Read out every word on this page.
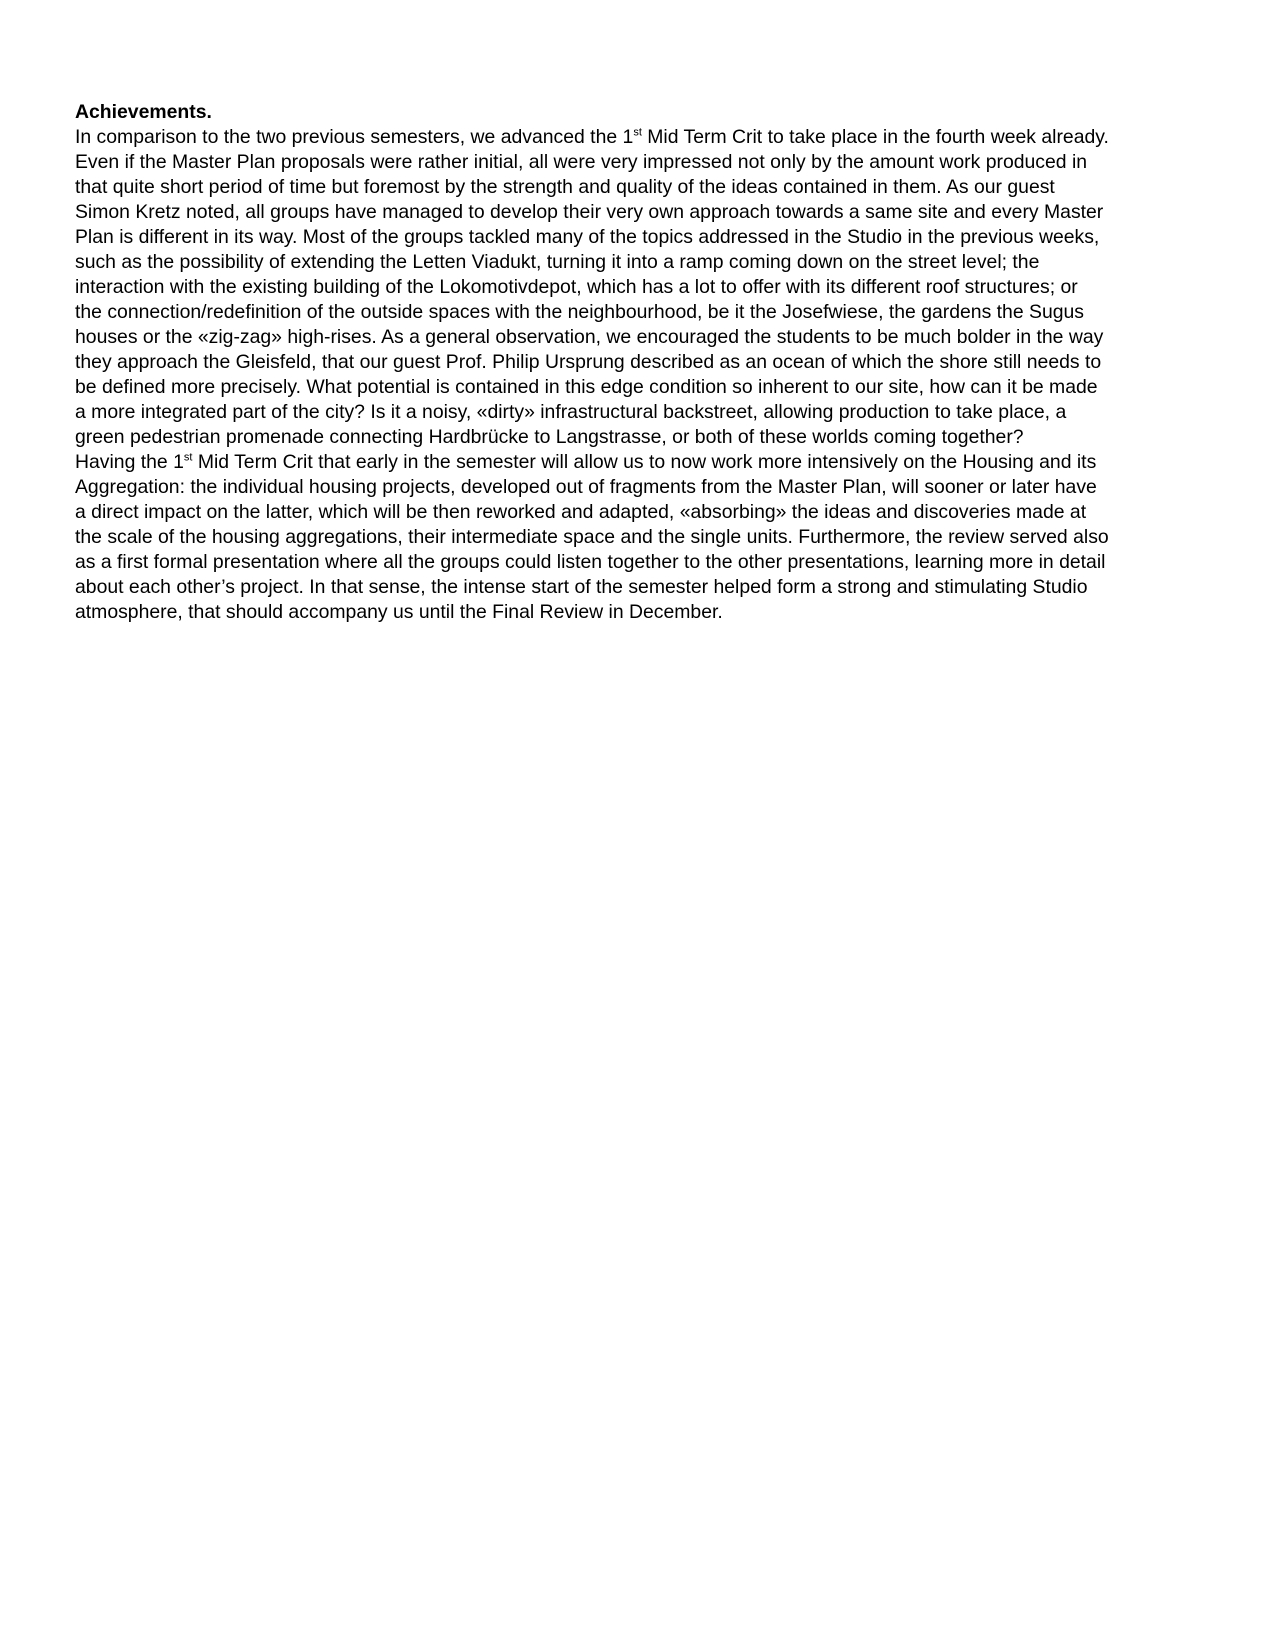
Achievements.
In comparison to the two previous semesters, we advanced the 1st Mid Term Crit to take place in the fourth week already.
Even if the Master Plan proposals were rather initial, all were very impressed not only by the amount work produced in
that quite short period of time but foremost by the strength and quality of the ideas contained in them. As our guest
Simon Kretz noted, all groups have managed to develop their very own approach towards a same site and every Master
Plan is different in its way. Most of the groups tackled many of the topics addressed in the Studio in the previous weeks,
such as the possibility of extending the Letten Viadukt, turning it into a ramp coming down on the street level; the
interaction with the existing building of the Lokomotivdepot, which has a lot to offer with its different roof structures; or
the connection/redefinition of the outside spaces with the neighbourhood, be it the Josefwiese, the gardens the Sugus
houses or the «zig-zag» high-rises. As a general observation, we encouraged the students to be much bolder in the way
they approach the Gleisfeld, that our guest Prof. Philip Ursprung described as an ocean of which the shore still needs to
be defined more precisely. What potential is contained in this edge condition so inherent to our site, how can it be made
a more integrated part of the city? Is it a noisy, «dirty» infrastructural backstreet, allowing production to take place, a
green pedestrian promenade connecting Hardbrücke to Langstrasse, or both of these worlds coming together?
Having the 1st Mid Term Crit that early in the semester will allow us to now work more intensively on the Housing and its
Aggregation: the individual housing projects, developed out of fragments from the Master Plan, will sooner or later have
a direct impact on the latter, which will be then reworked and adapted, «absorbing» the ideas and discoveries made at
the scale of the housing aggregations, their intermediate space and the single units. Furthermore, the review served also
as a first formal presentation where all the groups could listen together to the other presentations, learning more in detail
about each other’s project. In that sense, the intense start of the semester helped form a strong and stimulating Studio
atmosphere, that should accompany us until the Final Review in December.
